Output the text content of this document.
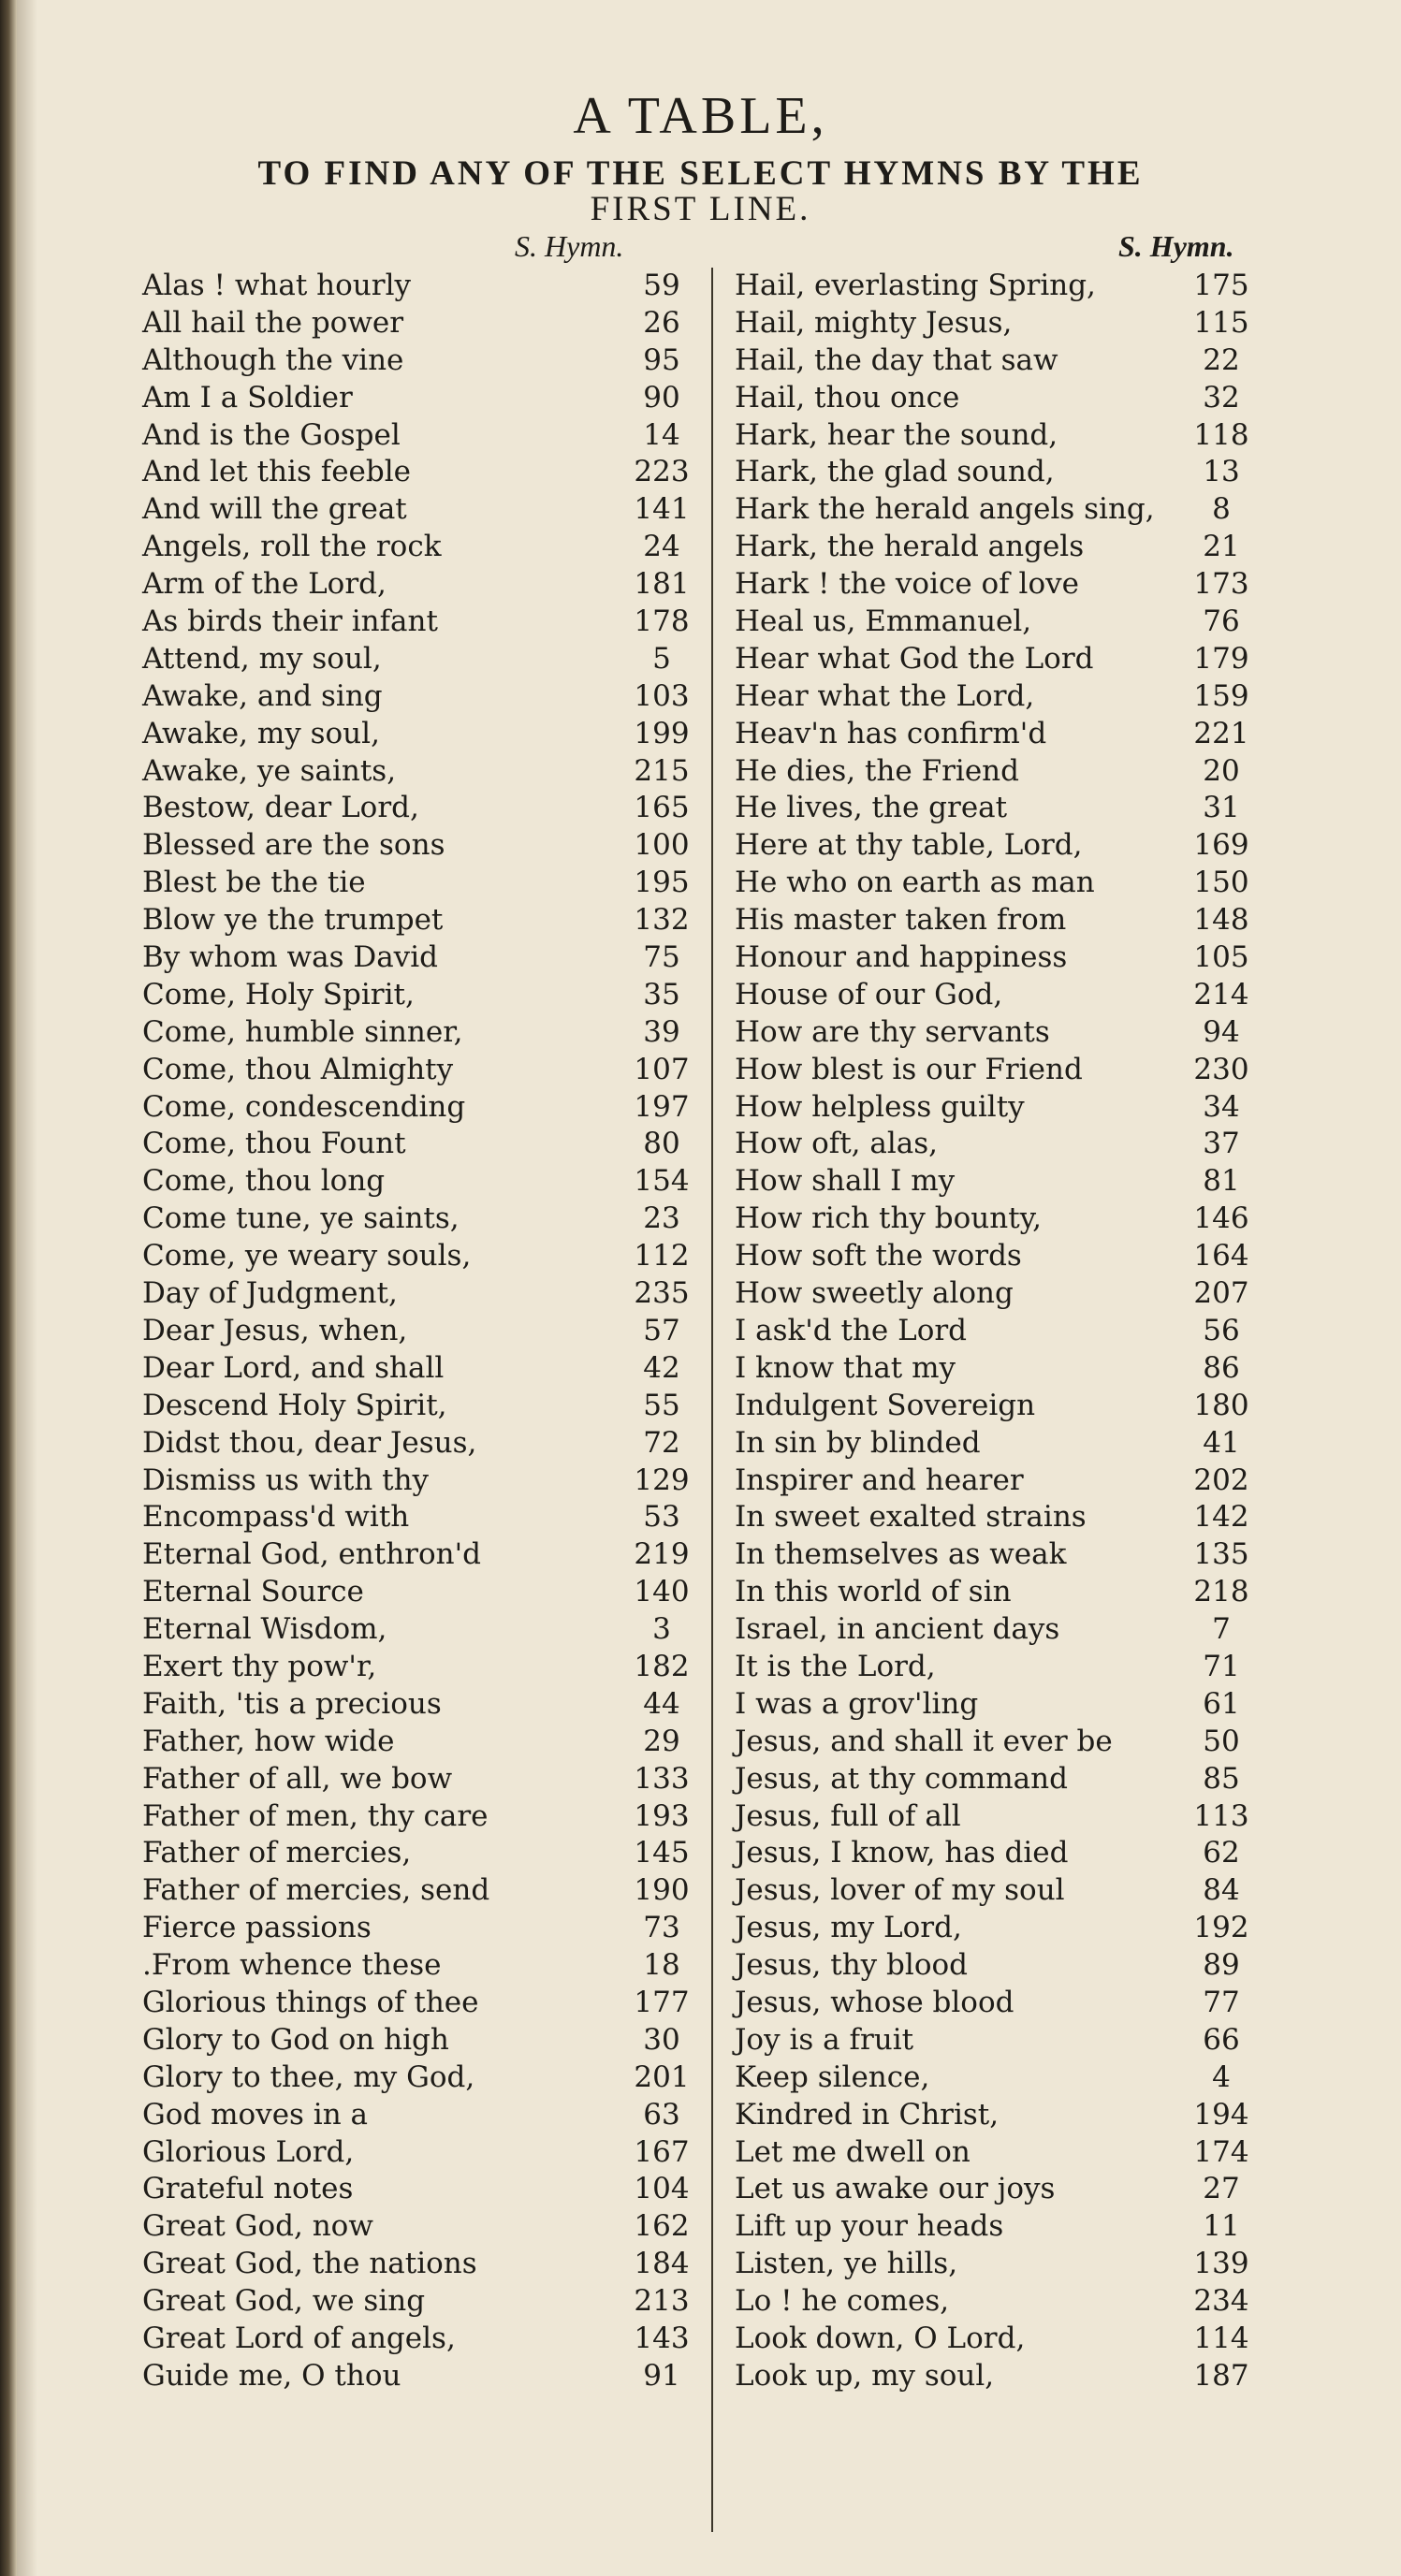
A TABLE,
TO FIND ANY OF THE SELECT HYMNS BY THE
FIRST LINE.
S. Hymn.	S. Hymn.
Alas ! what hourly	59
All hail the power	26
Although the vine	95
Am I a Soldier	90
And is the Gospel	14
And let this feeble	223
And will the great	141
Angels, roll the rock	24
Arm of the Lord,	181
As birds their infant	178
Attend, my soul,	5
Awake, and sing	103
Awake, my soul,	199
Awake, ye saints,	215
Bestow, dear Lord,	165
Blessed are the sons	100
Blest be the tie	195
Blow ye the trumpet	132
By whom was David	75
Come, Holy Spirit,	35
Come, humble sinner,	39
Come, thou Almighty	107
Come, condescending	197
Come, thou Fount	80
Come, thou long	154
Come tune, ye saints,	23
Come, ye weary souls,	112
Day of Judgment,	235
Dear Jesus, when,	57
Dear Lord, and shall	42
Descend Holy Spirit,	55
Didst thou, dear Jesus,	72
Dismiss us with thy	129
Encompass'd with	53
Eternal God, enthron'd	219
Eternal Source	140
Eternal Wisdom,	3
Exert thy pow'r,	182
Faith, 'tis a precious	44
Father, how wide	29
Father of all, we bow	133
Father of men, thy care	193
Father of mercies,	145
Father of mercies, send	190
Fierce passions	73
.From whence these	18
Glorious things of thee	177
Glory to God on high	30
Glory to thee, my God,	201
God moves in a	63
Glorious Lord,	167
Grateful notes	104
Great God, now	162
Great God, the nations	184
Great God, we sing	213
Great Lord of angels,	143
Guide me, O thou	91
Hail, everlasting Spring,	175
Hail, mighty Jesus,	115
Hail, the day that saw	22
Hail, thou once	32
Hark, hear the sound,	118
Hark, the glad sound,	13
Hark the herald angels sing,	8
Hark, the herald angels	21
Hark ! the voice of love	173
Heal us, Emmanuel,	76
Hear what God the Lord	179
Hear what the Lord,	159
Heav'n has confirm'd	221
He dies, the Friend	20
He lives, the great	31
Here at thy table, Lord,	169
He who on earth as man	150
His master taken from	148
Honour and happiness	105
House of our God,	214
How are thy servants	94
How blest is our Friend	230
How helpless guilty	34
How oft, alas,	37
How shall I my	81
How rich thy bounty,	146
How soft the words	164
How sweetly along	207
I ask'd the Lord	56
I know that my	86
Indulgent Sovereign	180
In sin by blinded	41
Inspirer and hearer	202
In sweet exalted strains	142
In themselves as weak	135
In this world of sin	218
Israel, in ancient days	7
It is the Lord,	71
I was a grov'ling	61
Jesus, and shall it ever be	50
Jesus, at thy command	85
Jesus, full of all	113
Jesus, I know, has died	62
Jesus, lover of my soul	84
Jesus, my Lord,	192
Jesus, thy blood	89
Jesus, whose blood	77
Joy is a fruit	66
Keep silence,	4
Kindred in Christ,	194
Let me dwell on	174
Let us awake our joys	27
Lift up your heads	11
Listen, ye hills,	139
Lo ! he comes,	234
Look down, O Lord,	114
Look up, my soul,	187
